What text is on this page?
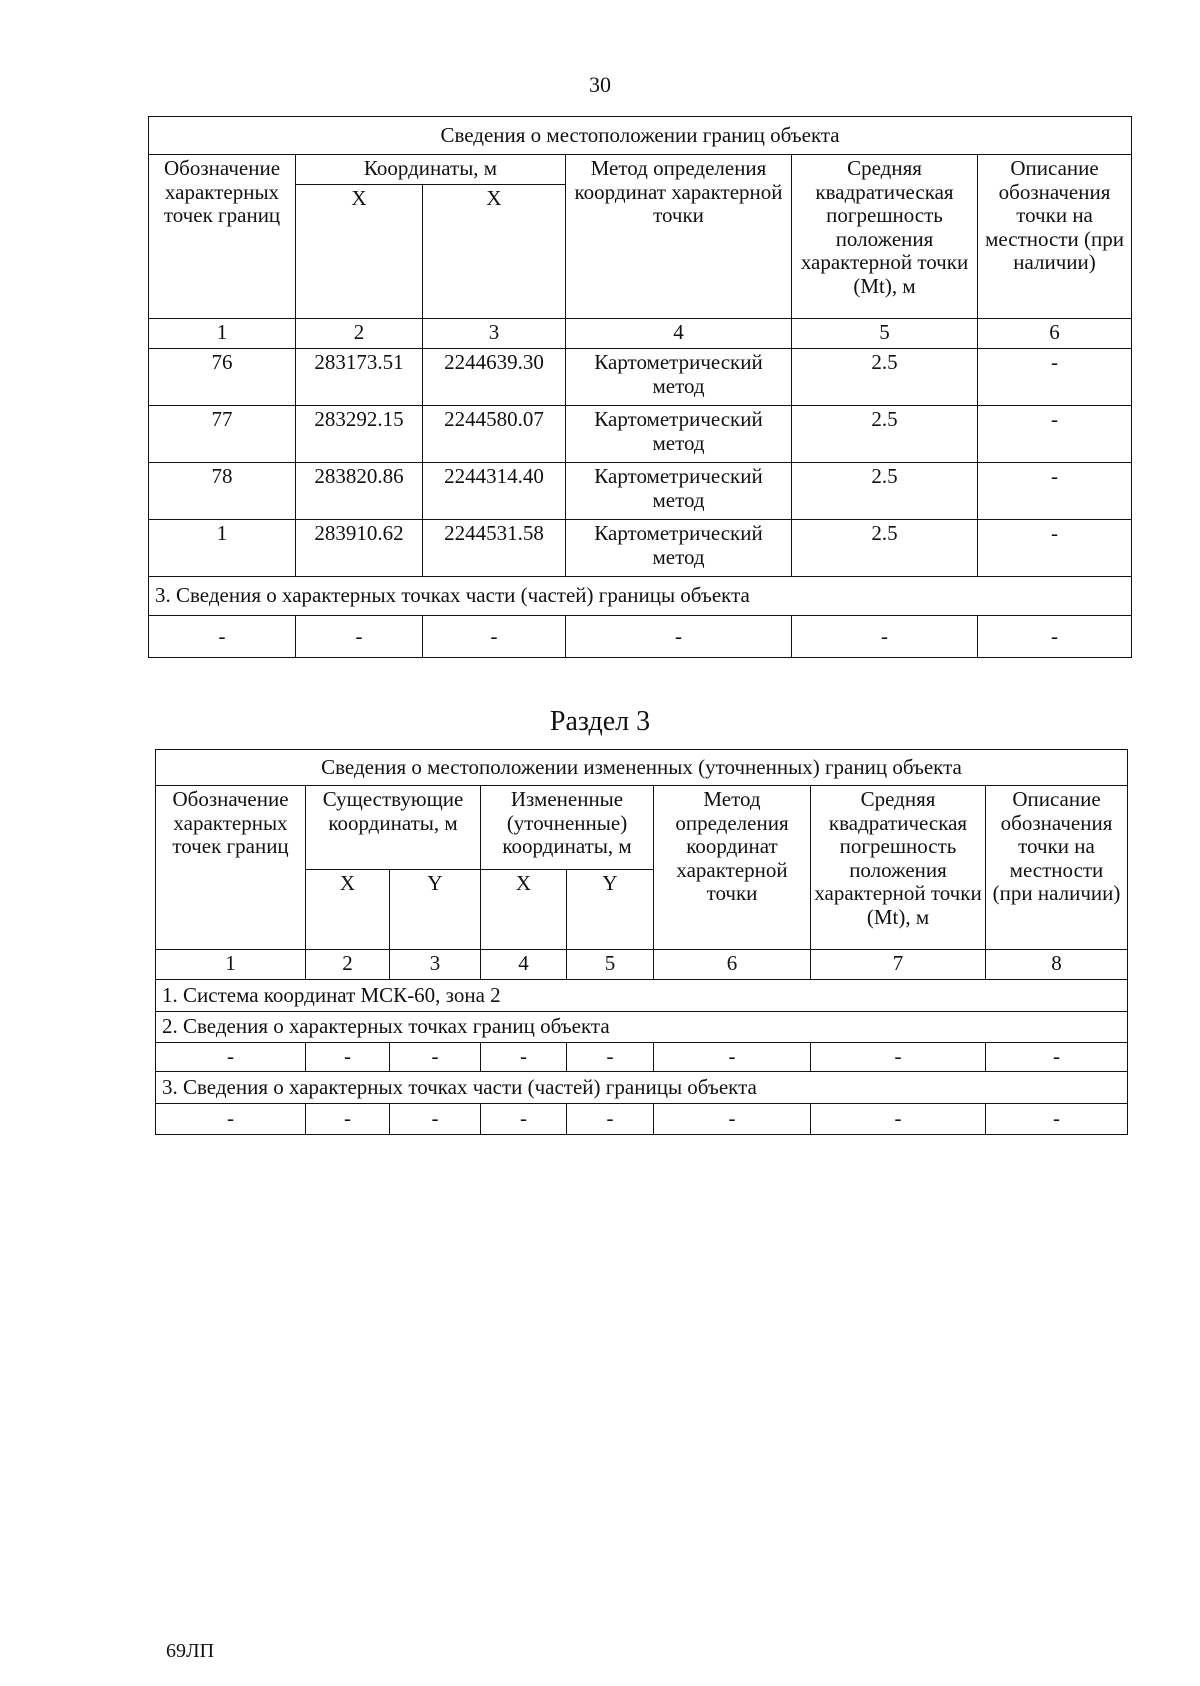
30
Сведения о местоположении границ объекта					
Обозначение характерных точек границ	Координаты, м		Метод определения координат характерной точки	Средняя квадратическая погрешность положения характерной точки (Mt), м	Описание обозначения точки на местности (при наличии)
	X	X			
1	2	3	4	5	6
76	283173.51	2244639.30	Картометрический метод	2.5	-
77	283292.15	2244580.07	Картометрический метод	2.5	-
78	283820.86	2244314.40	Картометрический метод	2.5	-
1	283910.62	2244531.58	Картометрический метод	2.5	-
3. Сведения о характерных точках части (частей) границы объекта					
-	-	-	-	-	-
Раздел 3
Сведения о местоположении измененных (уточненных) границ объекта							
Обозначение характерных точек границ	Существующие координаты, м		Измененные (уточненные) координаты, м		Метод определения координат характерной точки	Средняя квадратическая погрешность положения характерной точки (Mt), м	Описание обозначения точки на местности (при наличии)
	X	Y	X	Y			
1	2	3	4	5	6	7	8
1. Система координат МСК-60, зона 2							
2. Сведения о характерных точках границ объекта							
-	-	-	-	-	-	-	-
3. Сведения о характерных точках части (частей) границы объекта							
-	-	-	-	-	-	-	-
69ЛП
